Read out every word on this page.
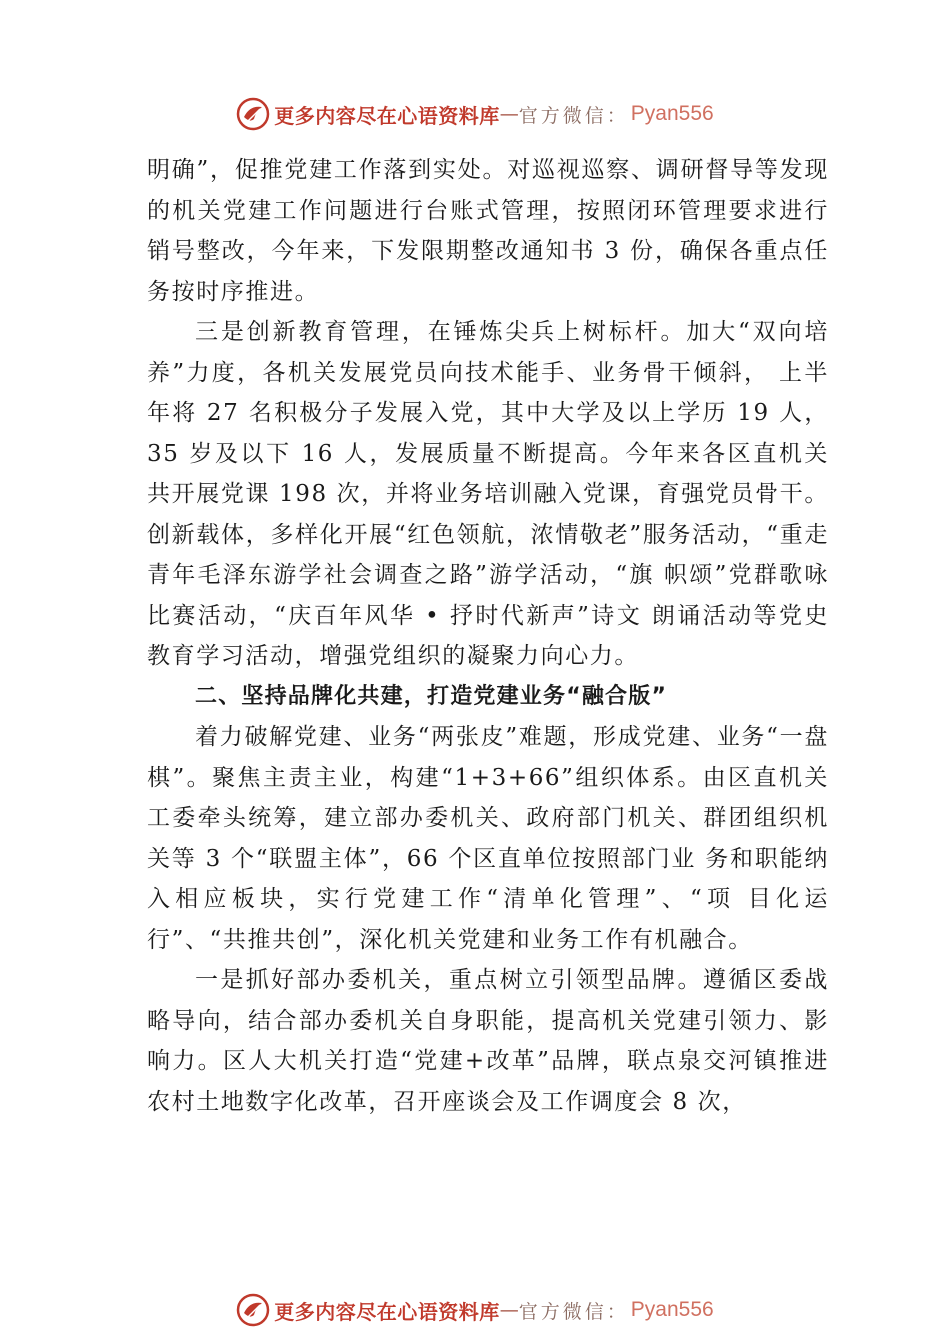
更多内容尽在心语资料库 — 官方微信： Pyan556

明确”，促推党建工作落到实处。对巡视巡察、调研督导等发现的机关党建工作问题进行台账式管理，按照闭环管理要求进行销号整改，今年来，下发限期整改通知书 3 份，确保各重点任务按时序推进。

三是创新教育管理，在锤炼尖兵上树标杆。加大“双向培养”力度，各机关发展党员向技术能手、业务骨干倾斜， 上半年将 27 名积极分子发展入党，其中大学及以上学历 19 人，35 岁及以下 16 人，发展质量不断提高。今年来各区直机关共开展党课 198 次，并将业务培训融入党课，育强党员骨干。创新载体，多样化开展“红色领航，浓情敬老”服务活动，“重走青年毛泽东游学社会调查之路”游学活动，“旗 帜颂”党群歌咏比赛活动，“庆百年风华 • 抒时代新声”诗文 朗诵活动等党史教育学习活动，增强党组织的凝聚力向心力。

二、坚持品牌化共建，打造党建业务“融合版”

着力破解党建、业务“两张皮”难题，形成党建、业务“一盘棋”。聚焦主责主业，构建“1+3+66”组织体系。由区直机关工委牵头统筹，建立部办委机关、政府部门机关、群团组织机关等 3 个“联盟主体”，66 个区直单位按照部门业 务和职能纳入相应板块，实行党建工作“清单化管理”、“项 目化运行”、“共推共创”，深化机关党建和业务工作有机融合。

一是抓好部办委机关，重点树立引领型品牌。遵循区委战略导向，结合部办委机关自身职能，提高机关党建引领力、影响力。区人大机关打造“党建+改革”品牌，联点泉交河镇推进农村土地数字化改革，召开座谈会及工作调度会 8 次，

更多内容尽在心语资料库 — 官方微信： Pyan556
